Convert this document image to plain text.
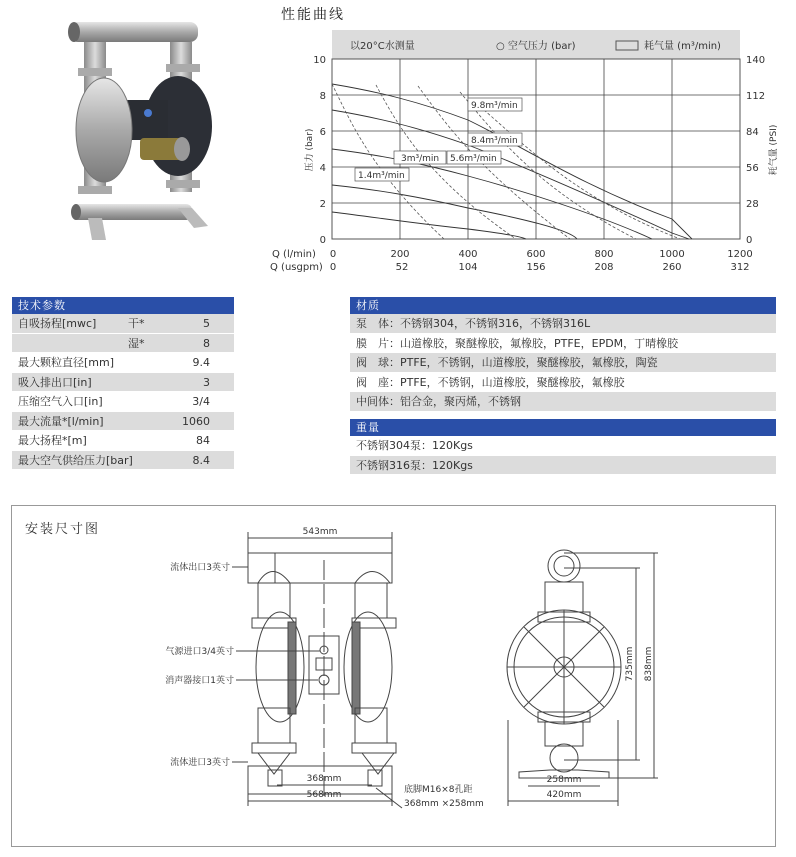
性能曲线
以20°C水测量	○ 空气压力 (bar)	耗气量 (m³/min)
9.8m³/min
8.4m³/min
3m³/min 5.6m³/min
1.4m³/min
10
8
6
4
2
0
压力 (bar)
140
112
84
56
28
0
耗气量 (PSI)
Q (l/min)
Q (usgpm)
0	200	400	600	800	1000	1200
0	52	104	156	208	260	312
技术参数
自吸扬程[mwc]	干*	5
湿*	8
最大颗粒直径[mm]	9.4
吸入排出口[in]	3
压缩空气入口[in]	3/4
最大流量*[l/min]	1060
最大扬程*[m]	84
最大空气供给压力[bar]	8.4
材质
泵　体：不锈钢304，不锈钢316，不锈钢316L
膜　片：山道橡胶，聚醚橡胶，氟橡胶，PTFE，EPDM，丁晴橡胶
阀　球：PTFE，不锈钢，山道橡胶，聚醚橡胶，氟橡胶，陶瓷
阀　座：PTFE，不锈钢，山道橡胶，聚醚橡胶，氟橡胶
中间体：铝合金，聚丙烯，不锈钢
重量
不锈钢304泵：120Kgs
不锈钢316泵：120Kgs
安装尺寸图	543mm
368mm
568mm	底脚M16×8孔距
368mm ×258mm
258mm
420mm
735mm 838mm
流体出口3英寸
气源进口3/4英寸
消声器接口1英寸
流体进口3英寸
